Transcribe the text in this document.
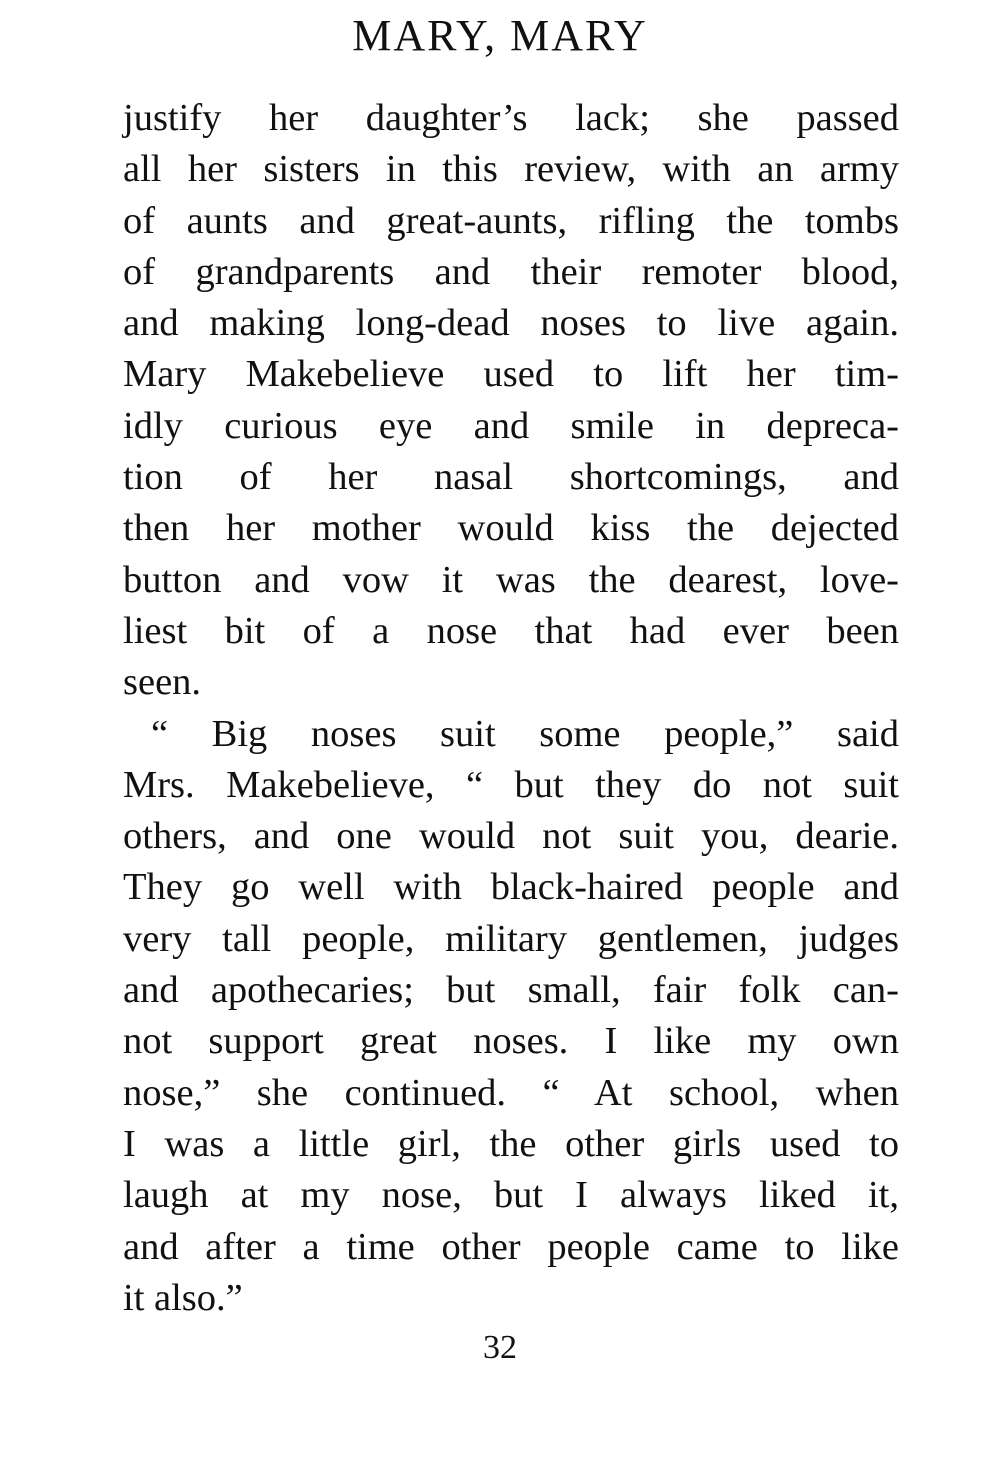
MARY, MARY
justify her daughter’s lack; she passed
all her sisters in this review, with an army
of aunts and great-aunts, rifling the tombs
of grandparents and their remoter blood,
and making long-dead noses to live again.
Mary Makebelieve used to lift her tim-
idly curious eye and smile in depreca-
tion of her nasal shortcomings, and
then her mother would kiss the dejected
button and vow it was the dearest, love-
liest bit of a nose that had ever been
seen.
“ Big noses suit some people,” said
Mrs. Makebelieve, “ but they do not suit
others, and one would not suit you, dearie.
They go well with black-haired people and
very tall people, military gentlemen, judges
and apothecaries; but small, fair folk can-
not support great noses. I like my own
nose,” she continued. “ At school, when
I was a little girl, the other girls used to
laugh at my nose, but I always liked it,
and after a time other people came to like
it also.”
32
